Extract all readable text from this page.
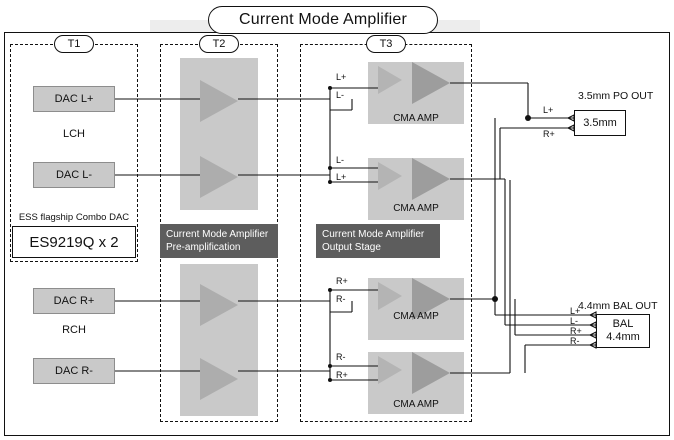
Current Mode Amplifier
T1	T2	T3
DAC L+
DAC L-
DAC R+
DAC R-
LCH
RCH
ESS flagship Combo DAC
ES9219Q x 2
CMA AMP
CMA AMP
CMA AMP
CMA AMP
Current Mode Amplifier
Pre-amplification
Current Mode Amplifier
Output Stage
L+
L-
L-
L+
R+
R-
R-
R+
3.5mm PO OUT
L+
R+
3.5mm
4.4mm BAL OUT
L+
L-
R+
R-
BAL
4.4mm
